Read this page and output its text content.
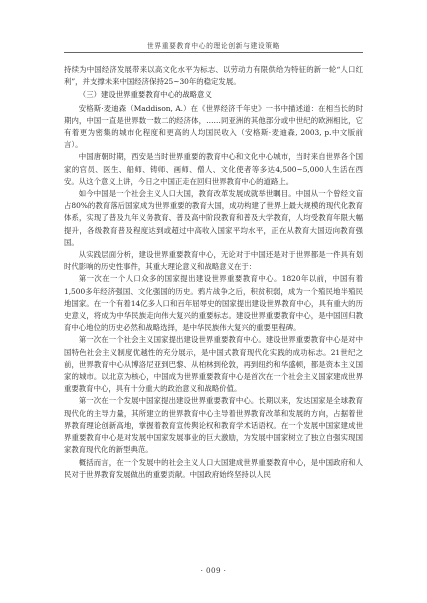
世界重要教育中心的理论创新与建设策略

持续为中国经济发展带来以高文化水平为标志、以劳动力有限供给为特征的新一轮“人口红利”，并支撑未来中国经济保持25~30年的稳定发展。

（三）建设世界重要教育中心的战略意义

安格斯·麦迪森（Maddison, A.）在《世界经济千年史》一书中描述道：在相当长的时期内，中国一直是世界数一数二的经济体，……同亚洲的其他部分或中世纪的欧洲相比，它有着更为密集的城市化程度和更高的人均国民收入（安格斯·麦迪森, 2003, p.中文版前言）。

中国唐朝时期，西安是当时世界重要的教育中心和文化中心城市，当时来自世界各个国家的官员、医生、船师、铸师、画师、僧人、文化使者等多达4,500~5,000人生活在西安。从这个意义上讲，今日之中国正走在回归世界教育中心的道路上。

如今中国是一个社会主义人口大国，教育改革发展成就举世瞩目。中国从一个曾经文盲占80%的教育落后国家成为世界重要的教育大国，成功构建了世界上最大规模的现代化教育体系，实现了普及九年义务教育、普及高中阶段教育和普及大学教育，人均受教育年限大幅提升，各级教育普及程度达到或超过中高收入国家平均水平，正在从教育大国迈向教育强国。

从实践层面分析，建设世界重要教育中心，无论对于中国还是对于世界都是一件具有划时代影响的历史性事件，其重大理论意义和战略意义在于：

第一次在一个人口众多的国家提出建设世界重要教育中心。1820年以前，中国有着1,500多年经济强国、文化强国的历史。鸦片战争之后，积贫积弱，成为一个殖民地半殖民地国家。在一个有着14亿多人口和百年屈辱史的国家提出建设世界教育中心，具有重大的历史意义，将成为中华民族走向伟大复兴的重要标志。建设世界重要教育中心，是中国回归教育中心地位的历史必然和战略选择，是中华民族伟大复兴的重要里程碑。

第一次在一个社会主义国家提出建设世界重要教育中心。建设世界重要教育中心是对中国特色社会主义制度优越性的充分展示，是中国式教育现代化实践的成功标志。21世纪之前，世界教育中心从博洛尼亚到巴黎、从柏林到伦敦，再到纽约和华盛顿，都是资本主义国家的城市。以北京为核心，中国成为世界重要教育中心是首次在一个社会主义国家建成世界重要教育中心，具有十分重大的政治意义和战略价值。

第一次在一个发展中国家提出建设世界重要教育中心。长期以来，发达国家是全球教育现代化的主导力量，其所建立的世界教育中心主导着世界教育改革和发展的方向，占据着世界教育理论创新高地，掌握着教育宣传舆论权和教育学术话语权。在一个发展中国家建成世界重要教育中心是对发展中国家发展事业的巨大激励，为发展中国家树立了独立自强实现国家教育现代化的新型典范。

概括而言，在一个发展中的社会主义人口大国建成世界重要教育中心，是中国政府和人民对于世界教育发展做出的重要贡献。中国政府始终坚持以人民

· 009 ·
